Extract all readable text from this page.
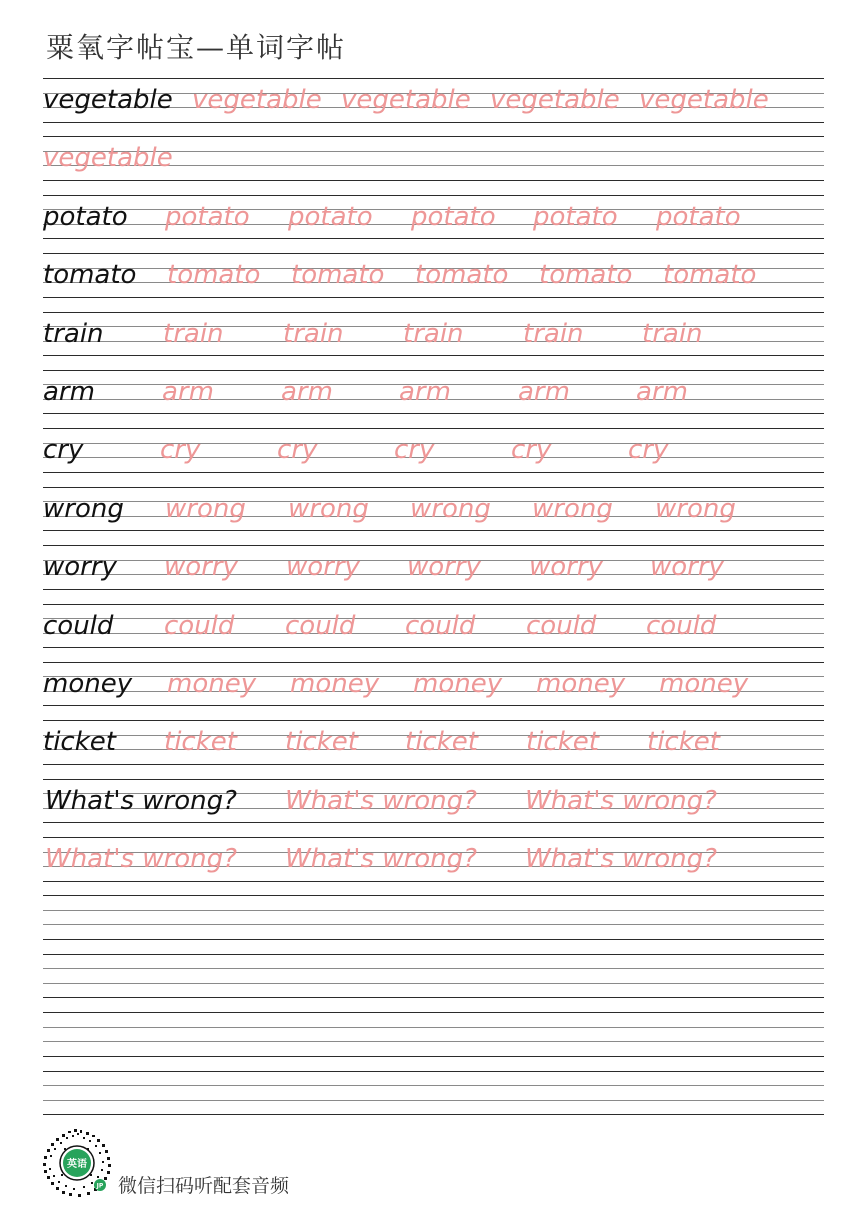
粟氧字帖宝—单词字帖
vegetable vegetable vegetable vegetable vegetable
vegetable
potato potato potato potato potato potato
tomato tomato tomato tomato tomato tomato
train train train train train train
arm	arm	arm	arm	arm	arm
cry	cry	cry	cry	cry	cry
wrong wrong wrong wrong wrong wrong
worry worry worry worry worry worry
could could could could could could
money money money money money money
ticket ticket ticket ticket ticket ticket
What's wrong? What's wrong? What's wrong?
What's wrong? What's wrong? What's wrong?
英语
JP 微信扫码听配套音频
